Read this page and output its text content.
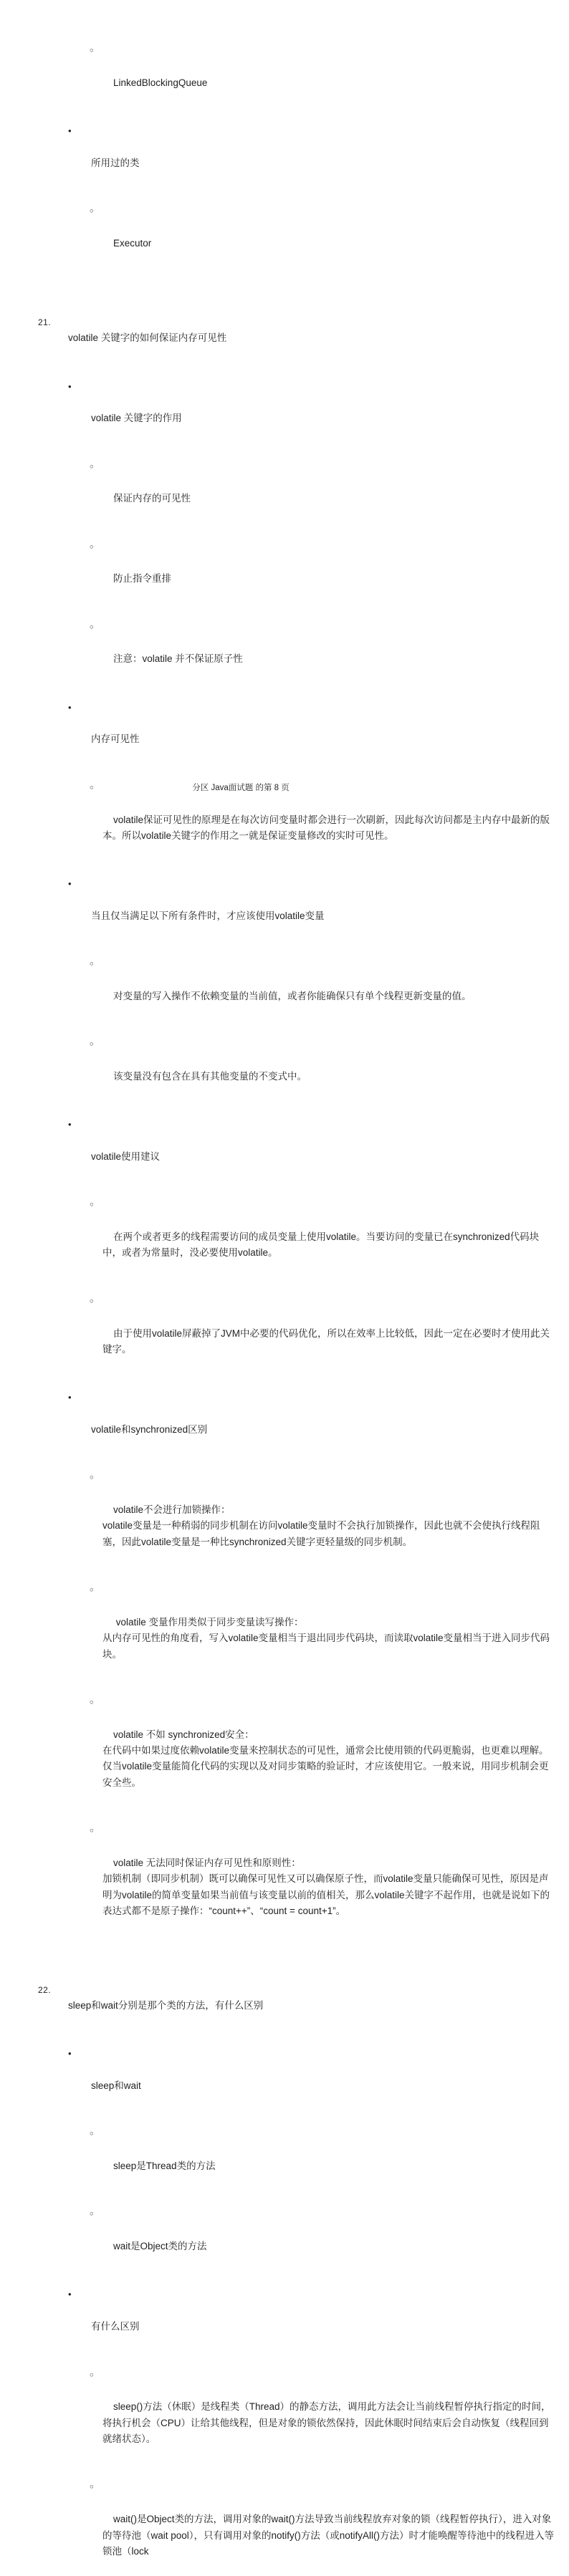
○

LinkedBlockingQueue

•

所用过的类

○

Executor

21.

volatile 关键字的如何保证内存可见性

•

volatile 关键字的作用

○

保证内存的可见性

○

防止指令重排

○

注意：volatile 并不保证原子性

•

内存可见性

○

volatile保证可见性的原理是在每次访问变量时都会进行一次刷新，因此每次访问都是主内存中最新的版本。所以volatile关键字的作用之一就是保证变量修改的实时可见性。

•

当且仅当满足以下所有条件时，才应该使用volatile变量

○

对变量的写入操作不依赖变量的当前值，或者你能确保只有单个线程更新变量的值。

○

该变量没有包含在具有其他变量的不变式中。

•

volatile使用建议

○

在两个或者更多的线程需要访问的成员变量上使用volatile。当要访问的变量已在synchronized代码块中，或者为常量时，没必要使用volatile。

○

由于使用volatile屏蔽掉了JVM中必要的代码优化，所以在效率上比较低，因此一定在必要时才使用此关键字。

•

volatile和synchronized区别

○

volatile不会进行加锁操作：
volatile变量是一种稍弱的同步机制在访问volatile变量时不会执行加锁操作，因此也就不会使执行线程阻塞，因此volatile变量是一种比synchronized关键字更轻量级的同步机制。

○

volatile 变量作用类似于同步变量读写操作：
从内存可见性的角度看，写入volatile变量相当于退出同步代码块，而读取volatile变量相当于进入同步代码块。

○

volatile 不如 synchronized安全：
在代码中如果过度依赖volatile变量来控制状态的可见性，通常会比使用锁的代码更脆弱，也更难以理解。仅当volatile变量能简化代码的实现以及对同步策略的验证时，才应该使用它。一般来说，用同步机制会更安全些。

○

volatile 无法同时保证内存可见性和原则性：
加锁机制（即同步机制）既可以确保可见性又可以确保原子性，而volatile变量只能确保可见性，原因是声明为volatile的简单变量如果当前值与该变量以前的值相关，那么volatile关键字不起作用，也就是说如下的表达式都不是原子操作：“count++”、“count = count+1”。

22.

sleep和wait分别是那个类的方法，有什么区别

•

sleep和wait

○

sleep是Thread类的方法

○

wait是Object类的方法

•

有什么区别

○

sleep()方法（休眠）是线程类（Thread）的静态方法，调用此方法会让当前线程暂停执行指定的时间，将执行机会（CPU）让给其他线程，但是对象的锁依然保持，因此休眠时间结束后会自动恢复（线程回到就绪状态）。

○

wait()是Object类的方法，调用对象的wait()方法导致当前线程放弃对象的锁（线程暂停执行），进入对象的等待池（wait pool），只有调用对象的notify()方法（或notifyAll()方法）时才能唤醒等待池中的线程进入等锁池（lock

分区 Java面试题 的第 8 页
